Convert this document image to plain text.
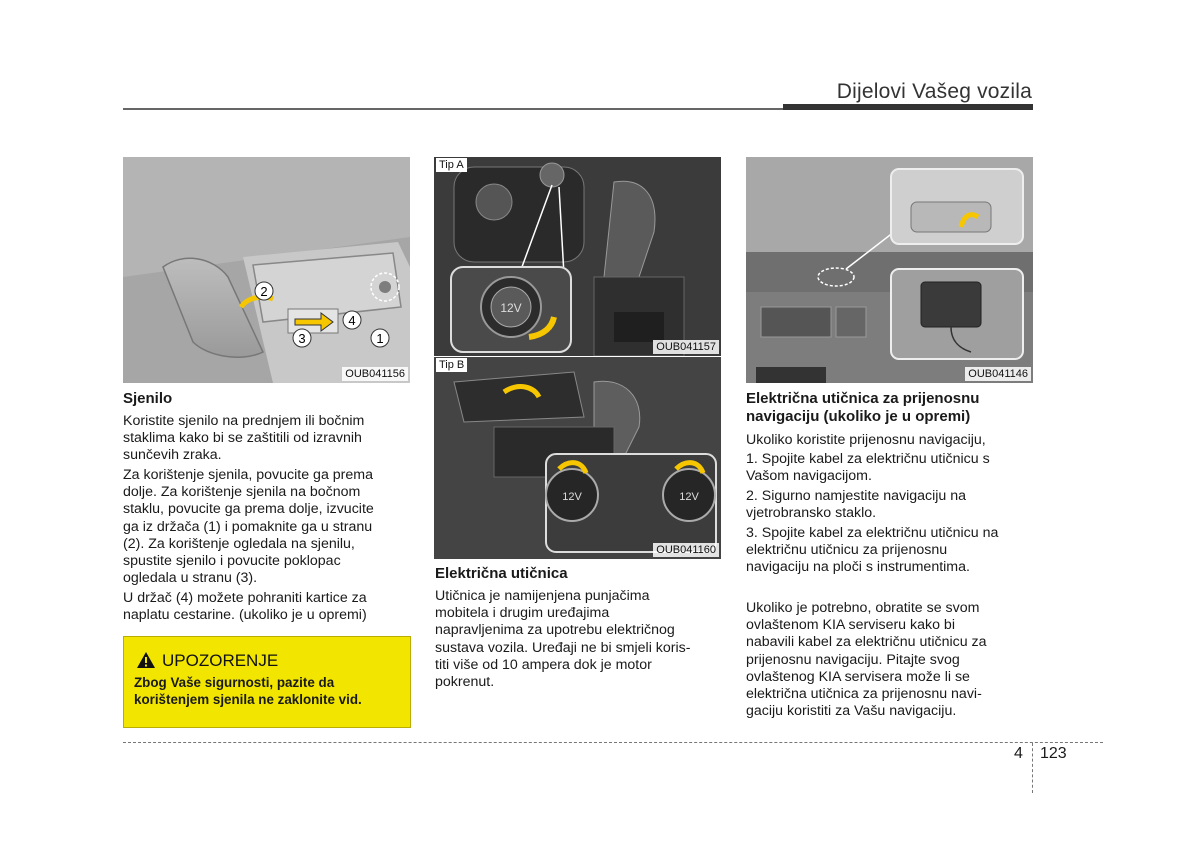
Dijelovi Vašeg vozila
2
4
3	1
OUB041156
12V
Tip A
OUB041157
12V	12V
Tip B
OUB041160
OUB041146
Sjenilo
Koristite sjenilo na prednjem ili bočnim
staklima kako bi se zaštitili od izravnih
sunčevih zraka.
Za korištenje sjenila, povucite ga prema
dolje. Za korištenje sjenila na bočnom
staklu, povucite ga prema dolje, izvucite
ga iz držača (1) i pomaknite ga u stranu
(2). Za korištenje ogledala na sjenilu,
spustite sjenilo i povucite poklopac
ogledala u stranu (3).
U držač (4) možete pohraniti kartice za
naplatu cestarine. (ukoliko je u opremi)
UPOZORENJE
Zbog Vaše sigurnosti, pazite da korištenjem sjenila ne zaklonite vid.
Električna utičnica
Utičnica je namijenjena punjačima
mobitela i drugim uređajima
napravljenima za upotrebu električnog
sustava vozila. Uređaji ne bi smjeli koris-
titi više od 10 ampera dok je motor
pokrenut.
Električna utičnica za prijenosnu
navigaciju (ukoliko je u opremi)
Ukoliko koristite prijenosnu navigaciju,
1. Spojite kabel za električnu utičnicu s
Vašom navigacijom.
2. Sigurno namjestite navigaciju na
vjetrobransko staklo.
3. Spojite kabel za električnu utičnicu na
električnu utičnicu za prijenosnu
navigaciju na ploči s instrumentima.
Ukoliko je potrebno, obratite se svom
ovlaštenom KIA serviseru kako bi
nabavili kabel za električnu utičnicu za
prijenosnu navigaciju. Pitajte svog
ovlaštenog KIA servisera može li se
električna utičnica za prijenosnu navi-
gaciju koristiti za Vašu navigaciju.
4 123
